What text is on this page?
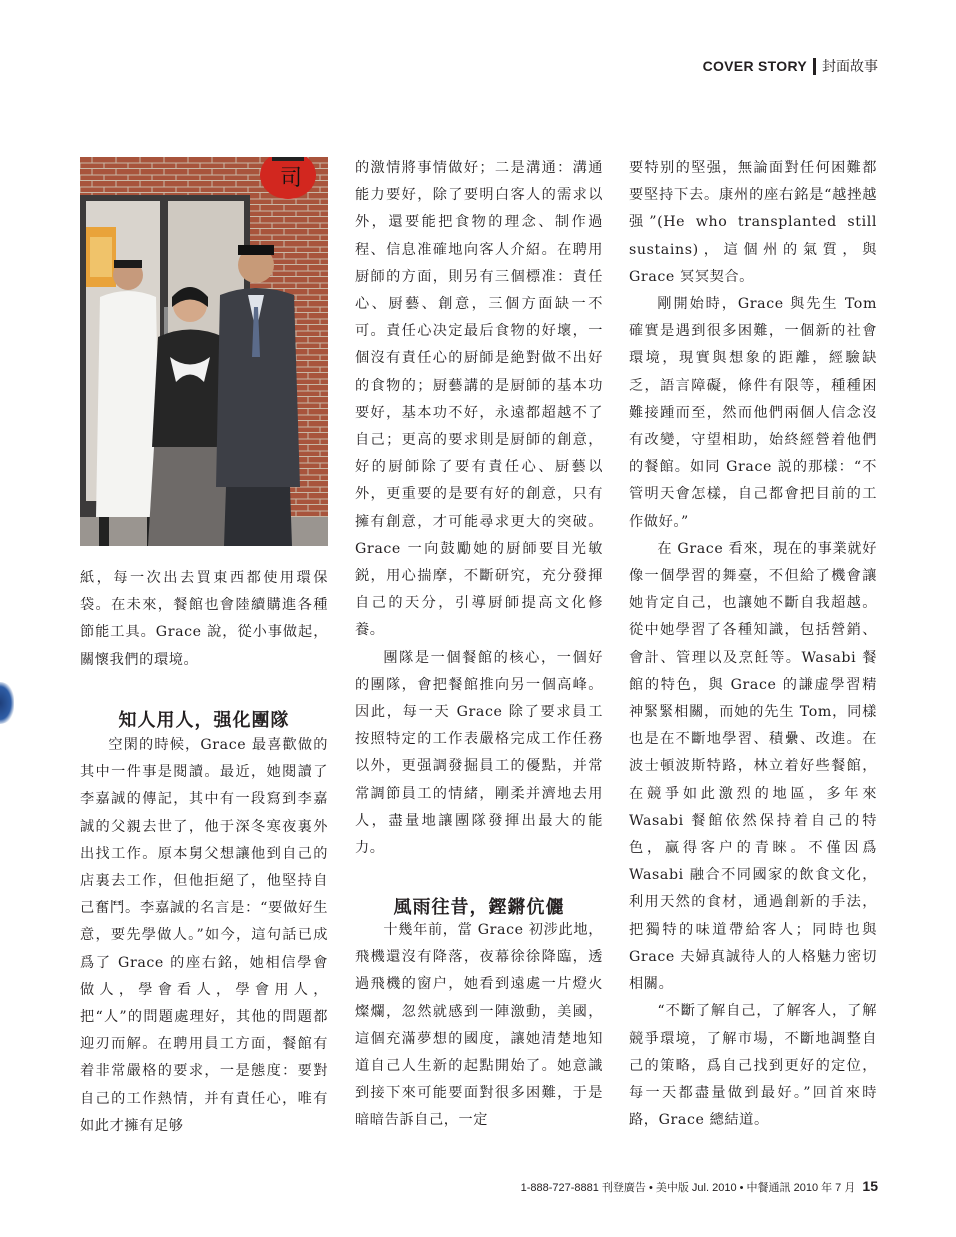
COVER STORY 封面故事
司

紙，每一次出去買東西都使用環保袋。在未來，餐館也會陸續購進各種節能工具。Grace 說，從小事做起，關懷我們的環境。

知人用人，强化團隊

空閑的時候，Grace 最喜歡做的其中一件事是閱讀。最近，她閱讀了李嘉誠的傳記，其中有一段寫到李嘉誠的父親去世了，他于深冬寒夜裏外出找工作。原本舅父想讓他到自己的店裏去工作，但他拒絕了，他堅持自己奮鬥。李嘉誠的名言是：“要做好生意，要先學做人。”如今，這句話已成爲了 Grace 的座右銘，她相信學會做人，學會看人，學會用人，把“人”的問題處理好，其他的問題都迎刃而解。在聘用員工方面，餐館有着非常嚴格的要求，一是態度：要對自己的工作熱情，并有責任心，唯有如此才擁有足够

的激情將事情做好；二是溝通：溝通能力要好，除了要明白客人的需求以外，還要能把食物的理念、制作過程、信息准確地向客人介紹。在聘用厨師的方面，則另有三個標准：責任心、厨藝、創意，三個方面缺一不可。責任心决定最后食物的好壞，一個沒有責任心的厨師是絶對做不出好的食物的；厨藝講的是厨師的基本功要好，基本功不好，永遠都超越不了自己；更高的要求則是厨師的創意，好的厨師除了要有責任心、厨藝以外，更重要的是要有好的創意，只有擁有創意，才可能尋求更大的突破。Grace 一向鼓勵她的厨師要目光敏鋭，用心揣摩，不斷研究，充分發揮自己的天分，引導厨師提高文化修養。

團隊是一個餐館的核心，一個好的團隊，會把餐館推向另一個高峰。因此，每一天 Grace 除了要求員工按照特定的工作表嚴格完成工作任務以外，更强調發掘員工的優點，并常常調節員工的情緒，剛柔并濟地去用人，盡量地讓團隊發揮出最大的能力。

風雨往昔，鏗鏘伉儷

十幾年前，當 Grace 初涉此地，飛機還沒有降落，夜幕徐徐降臨，透過飛機的窗户，她看到遠處一片燈火燦爛，忽然就感到一陣激動，美國，這個充滿夢想的國度，讓她清楚地知道自己人生新的起點開始了。她意識到接下來可能要面對很多困難，于是暗暗告訴自己，一定

要特别的堅强，無論面對任何困難都要堅持下去。康州的座右銘是“越挫越强”(He who transplanted still sustains)，這個州的氣質，與 Grace 冥冥契合。

剛開始時，Grace 與先生 Tom 確實是遇到很多困難，一個新的社會環境，現實與想象的距離，經驗缺乏，語言障礙，條件有限等，種種困難接踵而至，然而他們兩個人信念沒有改變，守望相助，始終經營着他們的餐館。如同 Grace 説的那樣：“不管明天會怎樣，自己都會把目前的工作做好。”

在 Grace 看來，現在的事業就好像一個學習的舞臺，不但給了機會讓她肯定自己，也讓她不斷自我超越。從中她學習了各種知識，包括營銷、會計、管理以及烹飪等。Wasabi 餐館的特色，與 Grace 的謙虚學習精神緊緊相關，而她的先生 Tom，同樣也是在不斷地學習、積纍、改進。在波士頓波斯特路，林立着好些餐館，在競爭如此激烈的地區，多年來 Wasabi 餐館依然保持着自己的特色，赢得客户的青睞。不僅因爲 Wasabi 融合不同國家的飲食文化，利用天然的食材，通過創新的手法，把獨特的味道帶給客人；同時也與 Grace 夫婦真誠待人的人格魅力密切相關。

“不斷了解自己，了解客人，了解競爭環境，了解市場，不斷地調整自己的策略，爲自己找到更好的定位，每一天都盡量做到最好。”回首來時路，Grace 總結道。

1-888-727-8881 刊登廣告 • 美中版 Jul. 2010 • 中餐通訊 2010 年 7 月 15
